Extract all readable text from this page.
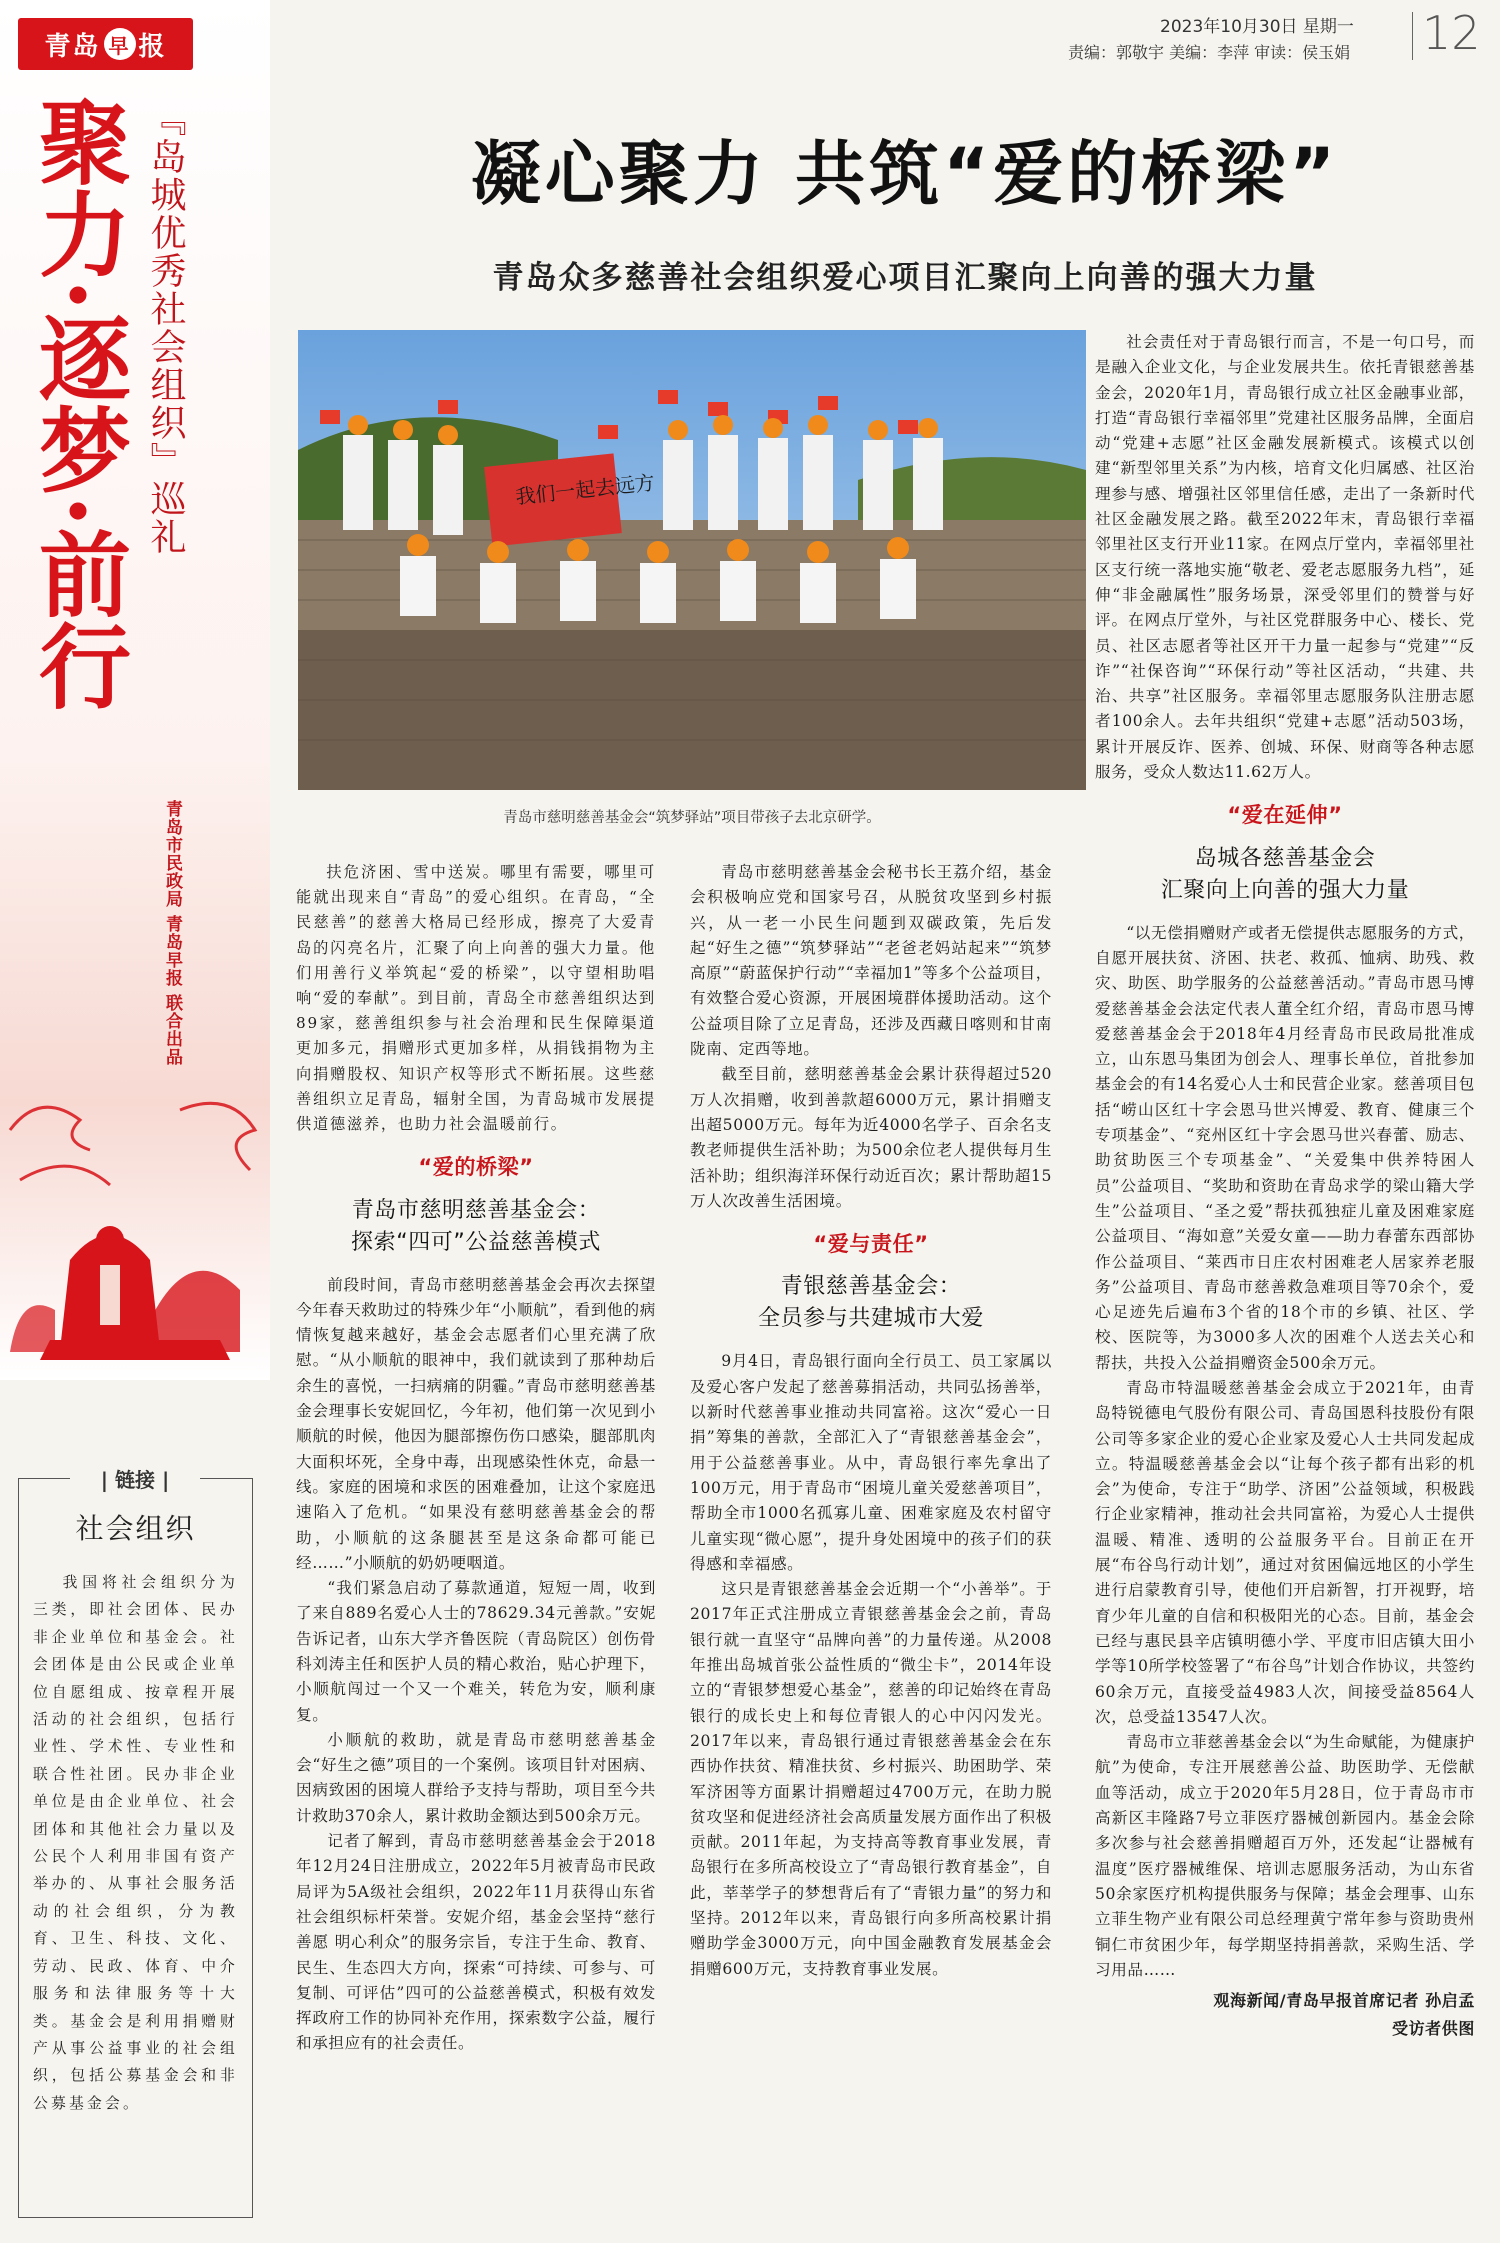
青岛 早 报
聚力·逐梦·前行 『岛城优秀社会组织』巡礼
青岛市民政局 青岛早报 联合出品
社会组织
我国将社会组织分为三类，即社会团体、民办非企业单位和基金会。社会团体是由公民或企业单位自愿组成、按章程开展活动的社会组织，包括行业性、学术性、专业性和联合性社团。民办非企业单位是由企业单位、社会团体和其他社会力量以及公民个人利用非国有资产举办的、从事社会服务活动的社会组织，分为教育、卫生、科技、文化、劳动、民政、体育、中介服务和法律服务等十大类。基金会是利用捐赠财产从事公益事业的社会组织，包括公募基金会和非公募基金会。
| 链接 |
2023年10月30日 星期一
责编：郭敬宇 美编：李萍 审读：侯玉娟 12
凝心聚力 共筑“爱的桥梁”
青岛众多慈善社会组织爱心项目汇聚向上向善的强大力量
我们一起去远方
青岛市慈明慈善基金会“筑梦驿站”项目带孩子去北京研学。

扶危济困、雪中送炭。哪里有需要，哪里可能就出现来自“青岛”的爱心组织。在青岛，“全民慈善”的慈善大格局已经形成，擦亮了大爱青岛的闪亮名片，汇聚了向上向善的强大力量。他们用善行义举筑起“爱的桥梁”，以守望相助唱响“爱的奉献”。到目前，青岛全市慈善组织达到89家，慈善组织参与社会治理和民生保障渠道更加多元，捐赠形式更加多样，从捐钱捐物为主向捐赠股权、知识产权等形式不断拓展。这些慈善组织立足青岛，辐射全国，为青岛城市发展提供道德滋养，也助力社会温暖前行。

“爱的桥梁”
青岛市慈明慈善基金会：
探索“四可”公益慈善模式

前段时间，青岛市慈明慈善基金会再次去探望今年春天救助过的特殊少年“小顺航”，看到他的病情恢复越来越好，基金会志愿者们心里充满了欣慰。“从小顺航的眼神中，我们就读到了那种劫后余生的喜悦，一扫病痛的阴霾。”青岛市慈明慈善基金会理事长安妮回忆，今年初，他们第一次见到小顺航的时候，他因为腿部擦伤伤口感染，腿部肌肉大面积坏死，全身中毒，出现感染性休克，命悬一线。家庭的困境和求医的困难叠加，让这个家庭迅速陷入了危机。“如果没有慈明慈善基金会的帮助，小顺航的这条腿甚至是这条命都可能已经……”小顺航的奶奶哽咽道。

“我们紧急启动了募款通道，短短一周，收到了来自889名爱心人士的78629.34元善款。”安妮告诉记者，山东大学齐鲁医院（青岛院区）创伤骨科刘涛主任和医护人员的精心救治，贴心护理下，小顺航闯过一个又一个难关，转危为安，顺利康复。

小顺航的救助，就是青岛市慈明慈善基金会“好生之德”项目的一个案例。该项目针对困病、因病致困的困境人群给予支持与帮助，项目至今共计救助370余人，累计救助金额达到500余万元。

记者了解到，青岛市慈明慈善基金会于2018年12月24日注册成立，2022年5月被青岛市民政局评为5A级社会组织，2022年11月获得山东省社会组织标杆荣誉。安妮介绍，基金会坚持“慈行善愿 明心利众”的服务宗旨，专注于生命、教育、民生、生态四大方向，探索“可持续、可参与、可复制、可评估”四可的公益慈善模式，积极有效发挥政府工作的协同补充作用，探索数字公益，履行和承担应有的社会责任。

青岛市慈明慈善基金会秘书长王荔介绍，基金会积极响应党和国家号召，从脱贫攻坚到乡村振兴，从一老一小民生问题到双碳政策，先后发起“好生之德”“筑梦驿站”“老爸老妈站起来”“筑梦高原”“蔚蓝保护行动”“幸福加1”等多个公益项目，有效整合爱心资源，开展困境群体援助活动。这个公益项目除了立足青岛，还涉及西藏日喀则和甘南陇南、定西等地。

截至目前，慈明慈善基金会累计获得超过520万人次捐赠，收到善款超6000万元，累计捐赠支出超5000万元。每年为近4000名学子、百余名支教老师提供生活补助；为500余位老人提供每月生活补助；组织海洋环保行动近百次；累计帮助超15万人次改善生活困境。

“爱与责任”
青银慈善基金会：
全员参与共建城市大爱

9月4日，青岛银行面向全行员工、员工家属以及爱心客户发起了慈善募捐活动，共同弘扬善举，以新时代慈善事业推动共同富裕。这次“爱心一日捐”筹集的善款，全部汇入了“青银慈善基金会”，用于公益慈善事业。从中，青岛银行率先拿出了100万元，用于青岛市“困境儿童关爱慈善项目”，帮助全市1000名孤寡儿童、困难家庭及农村留守儿童实现“微心愿”，提升身处困境中的孩子们的获得感和幸福感。

这只是青银慈善基金会近期一个“小善举”。于2017年正式注册成立青银慈善基金会之前，青岛银行就一直坚守“品牌向善”的力量传递。从2008年推出岛城首张公益性质的“微尘卡”，2014年设立的“青银梦想爱心基金”，慈善的印记始终在青岛银行的成长史上和每位青银人的心中闪闪发光。2017年以来，青岛银行通过青银慈善基金会在东西协作扶贫、精准扶贫、乡村振兴、助困助学、荣军济困等方面累计捐赠超过4700万元，在助力脱贫攻坚和促进经济社会高质量发展方面作出了积极贡献。2011年起，为支持高等教育事业发展，青岛银行在多所高校设立了“青岛银行教育基金”，自此，莘莘学子的梦想背后有了“青银力量”的努力和坚持。2012年以来，青岛银行向多所高校累计捐赠助学金3000万元，向中国金融教育发展基金会捐赠600万元，支持教育事业发展。

社会责任对于青岛银行而言，不是一句口号，而是融入企业文化，与企业发展共生。依托青银慈善基金会，2020年1月，青岛银行成立社区金融事业部，打造“青岛银行幸福邻里”党建社区服务品牌，全面启动“党建+志愿”社区金融发展新模式。该模式以创建“新型邻里关系”为内核，培育文化归属感、社区治理参与感、增强社区邻里信任感，走出了一条新时代社区金融发展之路。截至2022年末，青岛银行幸福邻里社区支行开业11家。在网点厅堂内，幸福邻里社区支行统一落地实施“敬老、爱老志愿服务九档”，延伸“非金融属性”服务场景，深受邻里们的赞誉与好评。在网点厅堂外，与社区党群服务中心、楼长、党员、社区志愿者等社区开干力量一起参与“党建”“反诈”“社保咨询”“环保行动”等社区活动，“共建、共治、共享”社区服务。幸福邻里志愿服务队注册志愿者100余人。去年共组织“党建+志愿”活动503场，累计开展反诈、医养、创城、环保、财商等各种志愿服务，受众人数达11.62万人。

“爱在延伸”
岛城各慈善基金会
汇聚向上向善的强大力量

“以无偿捐赠财产或者无偿提供志愿服务的方式，自愿开展扶贫、济困、扶老、救孤、恤病、助残、救灾、助医、助学服务的公益慈善活动。”青岛市恩马博爱慈善基金会法定代表人董全红介绍，青岛市恩马博爱慈善基金会于2018年4月经青岛市民政局批准成立，山东恩马集团为创会人、理事长单位，首批参加基金会的有14名爱心人士和民营企业家。慈善项目包括“崂山区红十字会恩马世兴博爱、教育、健康三个专项基金”、“兖州区红十字会恩马世兴春蕾、励志、助贫助医三个专项基金”、“关爱集中供养特困人员”公益项目、“奖助和资助在青岛求学的梁山籍大学生”公益项目、“圣之爱”帮扶孤独症儿童及困难家庭公益项目、“海如意”关爱女童——助力春蕾东西部协作公益项目、“莱西市日庄农村困难老人居家养老服务”公益项目、青岛市慈善救急难项目等70余个，爱心足迹先后遍布3个省的18个市的乡镇、社区、学校、医院等，为3000多人次的困难个人送去关心和帮扶，共投入公益捐赠资金500余万元。

青岛市特温暖慈善基金会成立于2021年，由青岛特锐德电气股份有限公司、青岛国恩科技股份有限公司等多家企业的爱心企业家及爱心人士共同发起成立。特温暖慈善基金会以“让每个孩子都有出彩的机会”为使命，专注于“助学、济困”公益领域，积极践行企业家精神，推动社会共同富裕，为爱心人士提供温暖、精准、透明的公益服务平台。目前正在开展“布谷鸟行动计划”，通过对贫困偏远地区的小学生进行启蒙教育引导，使他们开启新智，打开视野，培育少年儿童的自信和积极阳光的心态。目前，基金会已经与惠民县辛店镇明德小学、平度市旧店镇大田小学等10所学校签署了“布谷鸟”计划合作协议，共签约60余万元，直接受益4983人次，间接受益8564人次，总受益13547人次。

青岛市立菲慈善基金会以“为生命赋能，为健康护航”为使命，专注开展慈善公益、助医助学、无偿献血等活动，成立于2020年5月28日，位于青岛市市高新区丰隆路7号立菲医疗器械创新园内。基金会除多次参与社会慈善捐赠超百万外，还发起“让器械有温度”医疗器械维保、培训志愿服务活动，为山东省50余家医疗机构提供服务与保障；基金会理事、山东立菲生物产业有限公司总经理黄宁常年参与资助贵州铜仁市贫困少年，每学期坚持捐善款，采购生活、学习用品……

观海新闻/青岛早报首席记者 孙启孟
受访者供图
